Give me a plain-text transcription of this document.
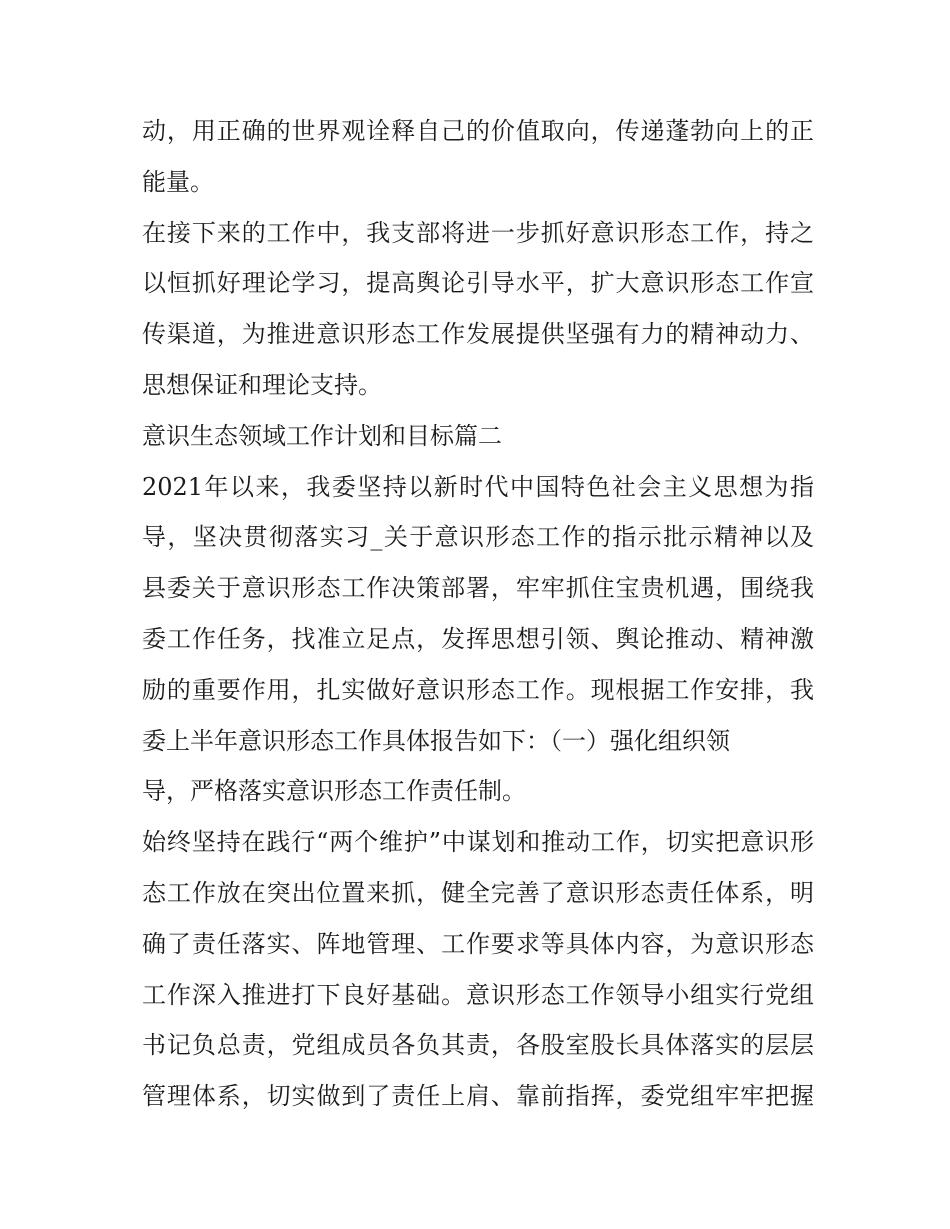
动，用正确的世界观诠释自己的价值取向，传递蓬勃向上的正
能量。
在接下来的工作中，我支部将进一步抓好意识形态工作，持之
以恒抓好理论学习，提高舆论引导水平，扩大意识形态工作宣
传渠道，为推进意识形态工作发展提供坚强有力的精神动力、
思想保证和理论支持。
意识生态领域工作计划和目标篇二
2021年以来，我委坚持以新时代中国特色社会主义思想为指
导，坚决贯彻落实习_关于意识形态工作的指示批示精神以及
县委关于意识形态工作决策部署，牢牢抓住宝贵机遇，围绕我
委工作任务，找准立足点，发挥思想引领、舆论推动、精神激
励的重要作用，扎实做好意识形态工作。现根据工作安排，我
委上半年意识形态工作具体报告如下：（一）强化组织领
导，严格落实意识形态工作责任制。
始终坚持在践行“两个维护”中谋划和推动工作，切实把意识形
态工作放在突出位置来抓，健全完善了意识形态责任体系，明
确了责任落实、阵地管理、工作要求等具体内容，为意识形态
工作深入推进打下良好基础。意识形态工作领导小组实行党组
书记负总责，党组成员各负其责，各股室股长具体落实的层层
管理体系，切实做到了责任上肩、靠前指挥，委党组牢牢把握
